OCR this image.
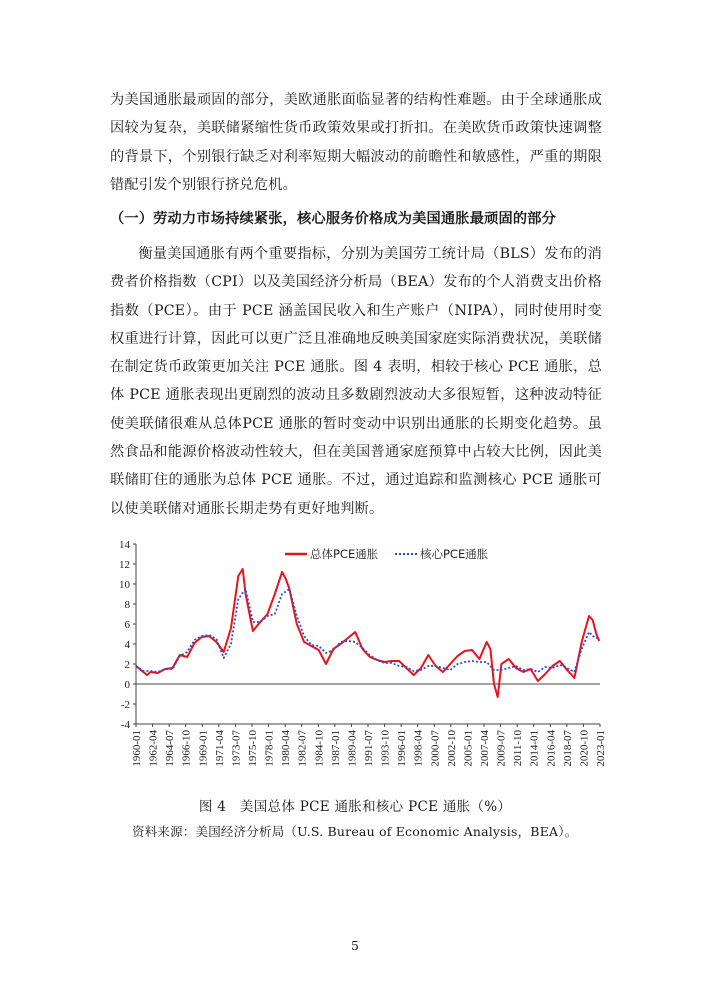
为美国通胀最顽固的部分，美欧通胀面临显著的结构性难题。由于全球通胀成因较为复杂，美联储紧缩性货币政策效果或打折扣。在美欧货币政策快速调整的背景下，个别银行缺乏对利率短期大幅波动的前瞻性和敏感性，严重的期限错配引发个别银行挤兑危机。
（一）劳动力市场持续紧张，核心服务价格成为美国通胀最顽固的部分
衡量美国通胀有两个重要指标，分别为美国劳工统计局（BLS）发布的消费者价格指数（CPI）以及美国经济分析局（BEA）发布的个人消费支出价格指数（PCE）。由于 PCE 涵盖国民收入和生产账户（NIPA），同时使用时变权重进行计算，因此可以更广泛且准确地反映美国家庭实际消费状况，美联储在制定货币政策更加关注 PCE 通胀。图 4 表明，相较于核心 PCE 通胀，总体 PCE 通胀表现出更剧烈的波动且多数剧烈波动大多很短暂，这种波动特征使美联储很难从总体PCE 通胀的暂时变动中识别出通胀的长期变化趋势。虽然食品和能源价格波动性较大，但在美国普通家庭预算中占较大比例，因此美联储盯住的通胀为总体 PCE 通胀。不过，通过追踪和监测核心 PCE 通胀可以使美联储对通胀长期走势有更好地判断。
14
12
10
8
6
4
2
0
-2
-4
1960-01 1962-04 1964-07 1966-10 1969-01 1971-04 1973-07 1975-10 1978-01 1980-04 1982-07 1984-10 1987-01 1989-04 1991-07 1993-10 1996-01 1998-04 2000-07 2002-10 2005-01 2007-04 2009-07 2011-10 2014-01 2016-04 2018-07 2020-10 2023-01
总体PCE通胀	核心PCE通胀
图 4　美国总体 PCE 通胀和核心 PCE 通胀（%）
资料来源：美国经济分析局（U.S. Bureau of Economic Analysis，BEA）。
5
